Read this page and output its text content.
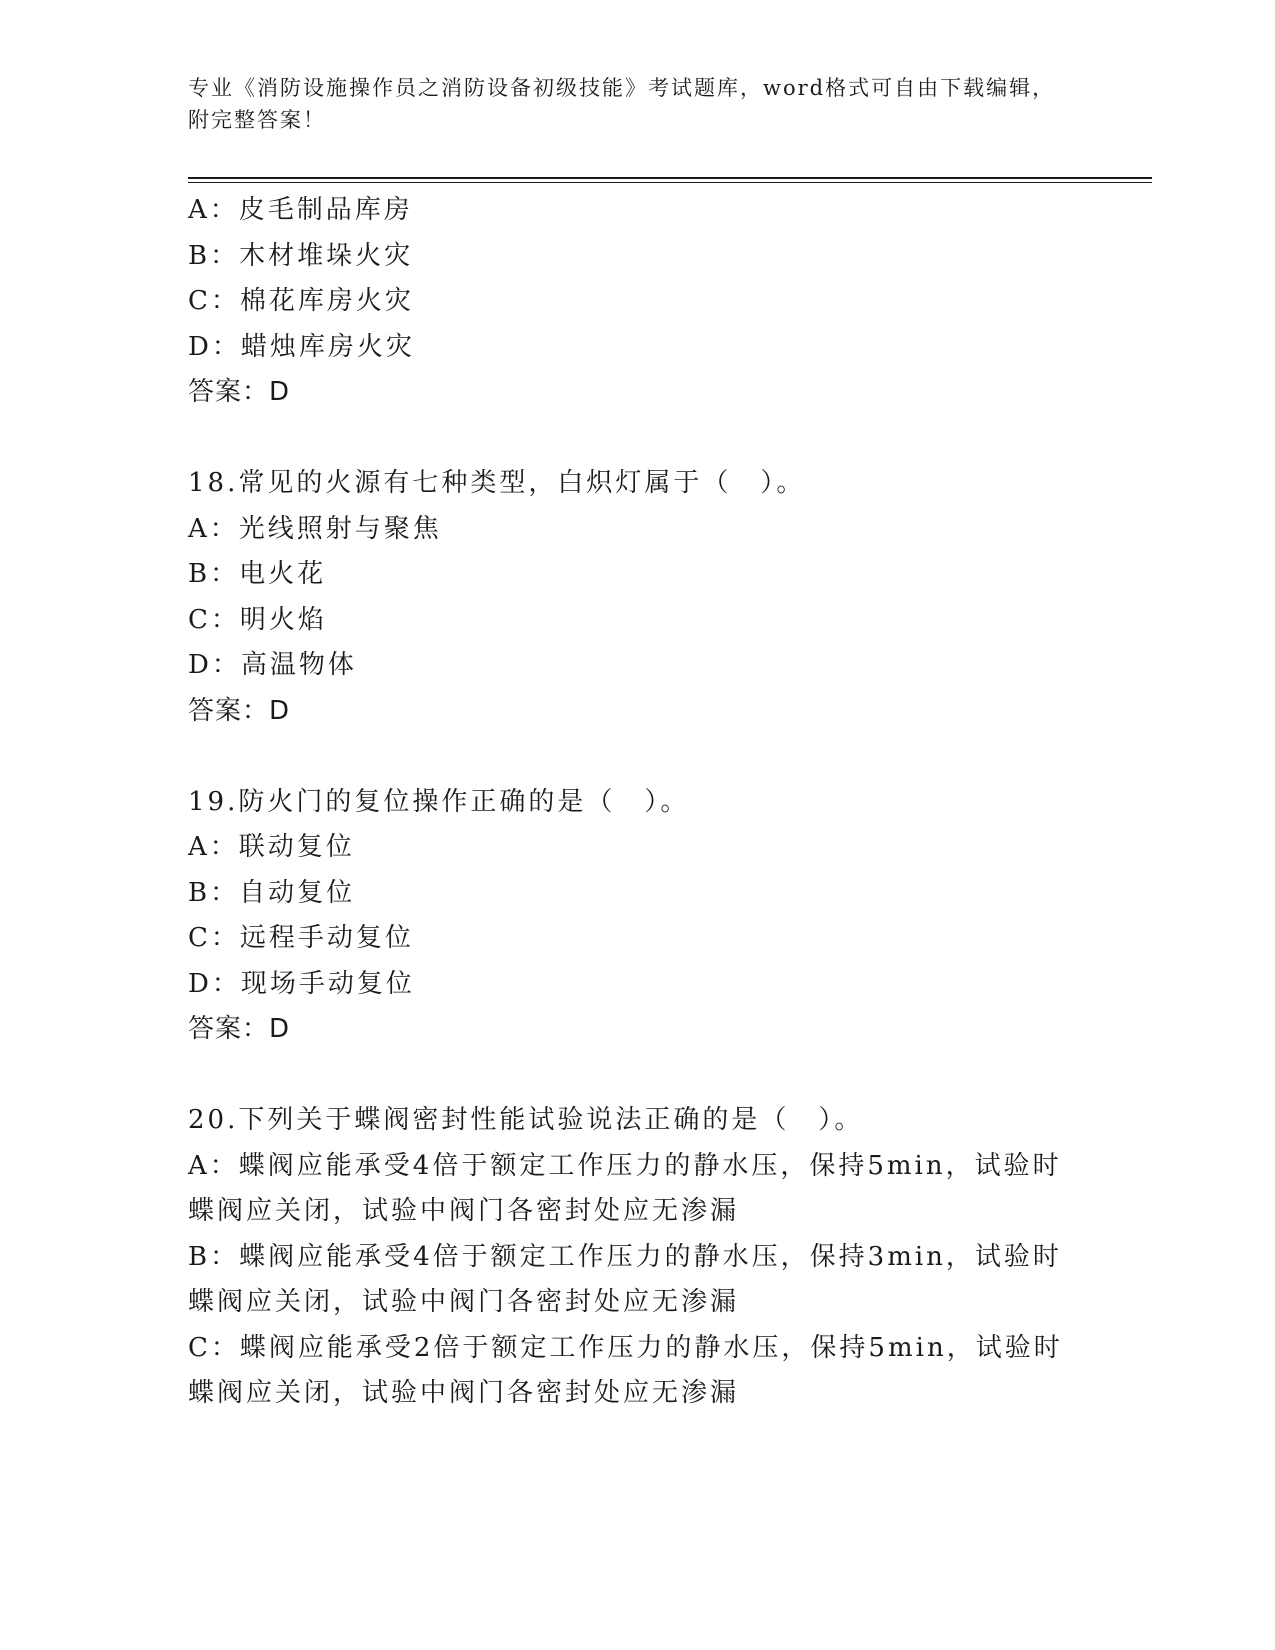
专业《消防设施操作员之消防设备初级技能》考试题库，word格式可自由下载编辑，附完整答案！
A：皮毛制品库房
B：木材堆垛火灾
C：棉花库房火灾
D：蜡烛库房火灾
答案：D
18.常见的火源有七种类型，白炽灯属于（　）。
A：光线照射与聚焦
B：电火花
C：明火焰
D：高温物体
答案：D
19.防火门的复位操作正确的是（　）。
A：联动复位
B：自动复位
C：远程手动复位
D：现场手动复位
答案：D
20.下列关于蝶阀密封性能试验说法正确的是（　）。
A：蝶阀应能承受4倍于额定工作压力的静水压，保持5min，试验时蝶阀应关闭，试验中阀门各密封处应无渗漏
B：蝶阀应能承受4倍于额定工作压力的静水压，保持3min，试验时蝶阀应关闭，试验中阀门各密封处应无渗漏
C：蝶阀应能承受2倍于额定工作压力的静水压，保持5min，试验时蝶阀应关闭，试验中阀门各密封处应无渗漏
